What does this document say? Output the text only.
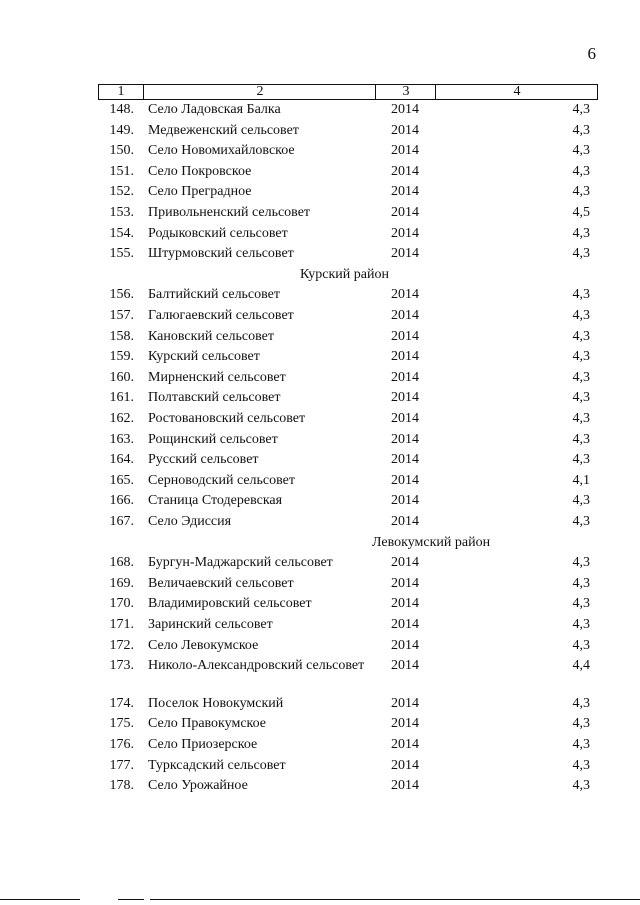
6
1	2	3	4
148. Село Ладовская Балка	2014	4,3
149. Медвеженский сельсовет	2014	4,3
150. Село Новомихайловское	2014	4,3
151. Село Покровское	2014	4,3
152. Село Преградное	2014	4,3
153. Привольненский сельсовет	2014	4,5
154. Родыковский сельсовет	2014	4,3
155. Штурмовский сельсовет	2014	4,3
Курский район
156. Балтийский сельсовет	2014	4,3
157. Галюгаевский сельсовет	2014	4,3
158. Кановский сельсовет	2014	4,3
159. Курский сельсовет	2014	4,3
160. Мирненский сельсовет	2014	4,3
161. Полтавский сельсовет	2014	4,3
162. Ростовановский сельсовет	2014	4,3
163. Рощинский сельсовет	2014	4,3
164. Русский сельсовет	2014	4,3
165. Серноводский сельсовет	2014	4,1
166. Станица Стодеревская	2014	4,3
167. Село Эдиссия	2014	4,3
Левокумский район
168. Бургун-Маджарский сельсовет	2014	4,3
169. Величаевский сельсовет	2014	4,3
170. Владимировский сельсовет	2014	4,3
171. Заринский сельсовет	2014	4,3
172. Село Левокумское	2014	4,3
173. Николо-Александровский сельсовет	2014	4,4
174. Поселок Новокумский	2014	4,3
175. Село Правокумское	2014	4,3
176. Село Приозерское	2014	4,3
177. Турксадский сельсовет	2014	4,3
178. Село Урожайное	2014	4,3
